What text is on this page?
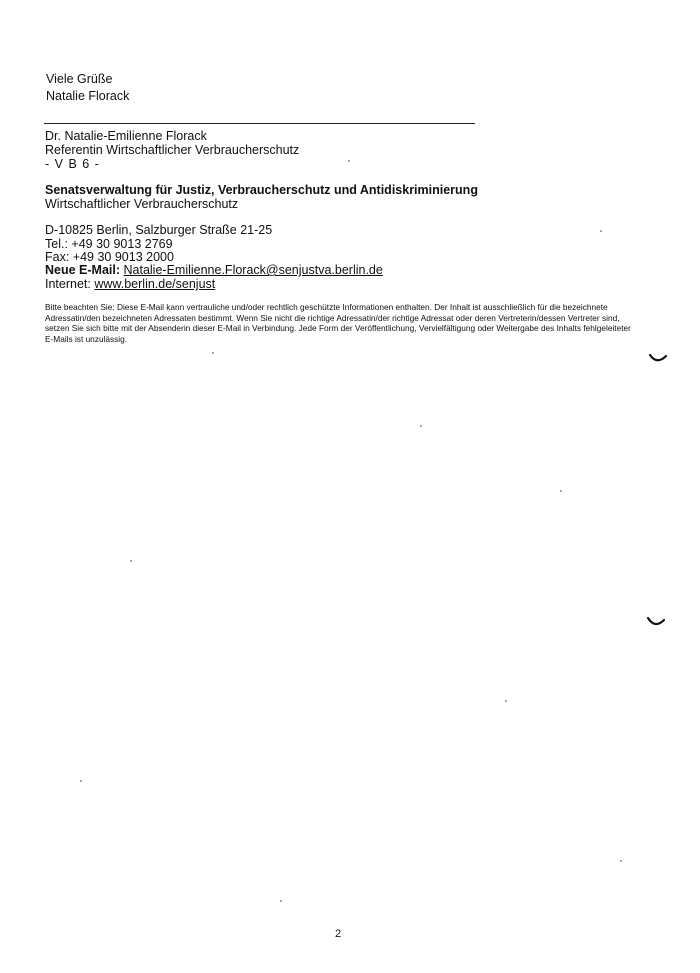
Viele Grüße
Natalie Florack
Dr. Natalie-Emilienne Florack
Referentin Wirtschaftlicher Verbraucherschutz
- V B 6 -
Senatsverwaltung für Justiz, Verbraucherschutz und Antidiskriminierung
Wirtschaftlicher Verbraucherschutz
D-10825 Berlin, Salzburger Straße 21-25
Tel.: +49 30 9013 2769
Fax: +49 30 9013 2000
Neue E-Mail: Natalie-Emilienne.Florack@senjustva.berlin.de
Internet: www.berlin.de/senjust
Bitte beachten Sie: Diese E-Mail kann vertrauliche und/oder rechtlich geschützte Informationen enthalten. Der Inhalt ist ausschließlich für die bezeichnete Adressatin/den bezeichneten Adressaten bestimmt. Wenn Sie nicht die richtige Adressatin/der richtige Adressat oder deren Vertreterin/dessen Vertreter sind, setzen Sie sich bitte mit der Absenderin dieser E-Mail in Verbindung. Jede Form der Veröffentlichung, Vervielfältigung oder Weitergabe des Inhalts fehlgeleiteter E-Mails ist unzulässig.
2
